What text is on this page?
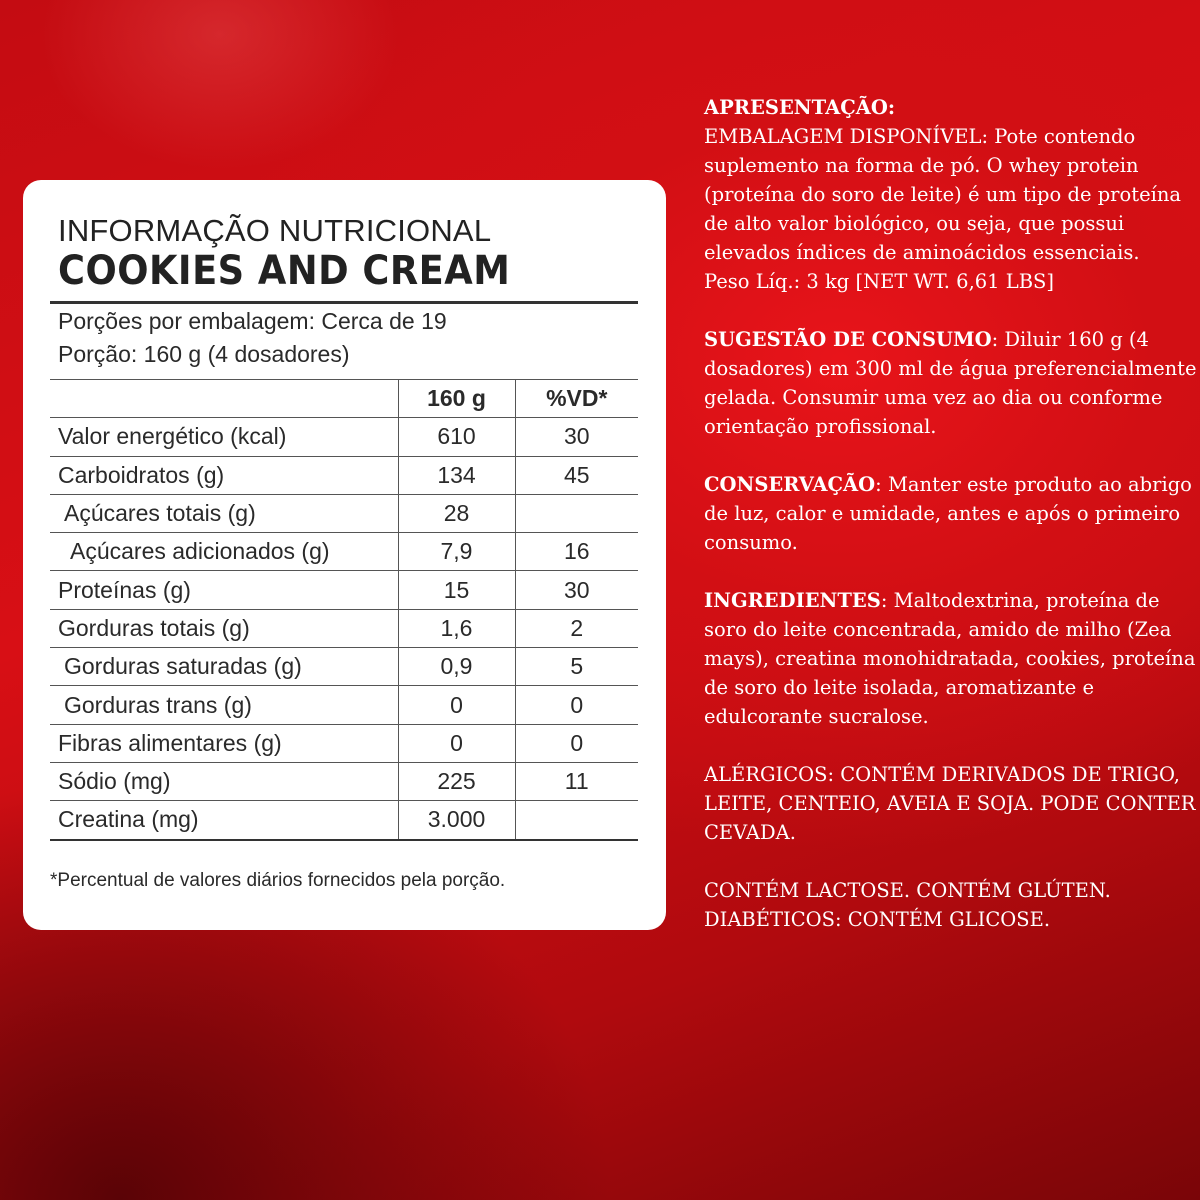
INFORMAÇÃO NUTRICIONAL
COOKIES AND CREAM
Porções por embalagem: Cerca de 19
Porção: 160 g (4 dosadores)
	160 g	%VD*
Valor energético (kcal)	610	30
Carboidratos (g)	134	45
Açúcares totais (g)	28	
Açúcares adicionados (g)	7,9	16
Proteínas (g)	15	30
Gorduras totais (g)	1,6	2
Gorduras saturadas (g)	0,9	5
Gorduras trans (g)	0	0
Fibras alimentares (g)	0	0
Sódio (mg)	225	11
Creatina (mg)	3.000	
*Percentual de valores diários fornecidos pela porção.

APRESENTAÇÃO:
EMBALAGEM DISPONÍVEL: Pote contendo suplemento na forma de pó. O whey protein (proteína do soro de leite) é um tipo de proteína de alto valor biológico, ou seja, que possui elevados índices de aminoácidos essenciais.
Peso Líq.: 3 kg [NET WT. 6,61 LBS]

SUGESTÃO DE CONSUMO: Diluir 160 g (4 dosadores) em 300 ml de água preferencialmente gelada. Consumir uma vez ao dia ou conforme orientação profissional.

CONSERVAÇÃO: Manter este produto ao abrigo de luz, calor e umidade, antes e após o primeiro consumo.

INGREDIENTES: Maltodextrina, proteína de soro do leite concentrada, amido de milho (Zea mays), creatina monohidratada, cookies, proteína de soro do leite isolada, aromatizante e edulcorante sucralose.

ALÉRGICOS: CONTÉM DERIVADOS DE TRIGO, LEITE, CENTEIO, AVEIA E SOJA. PODE CONTER CEVADA.

CONTÉM LACTOSE. CONTÉM GLÚTEN.
DIABÉTICOS: CONTÉM GLICOSE.
